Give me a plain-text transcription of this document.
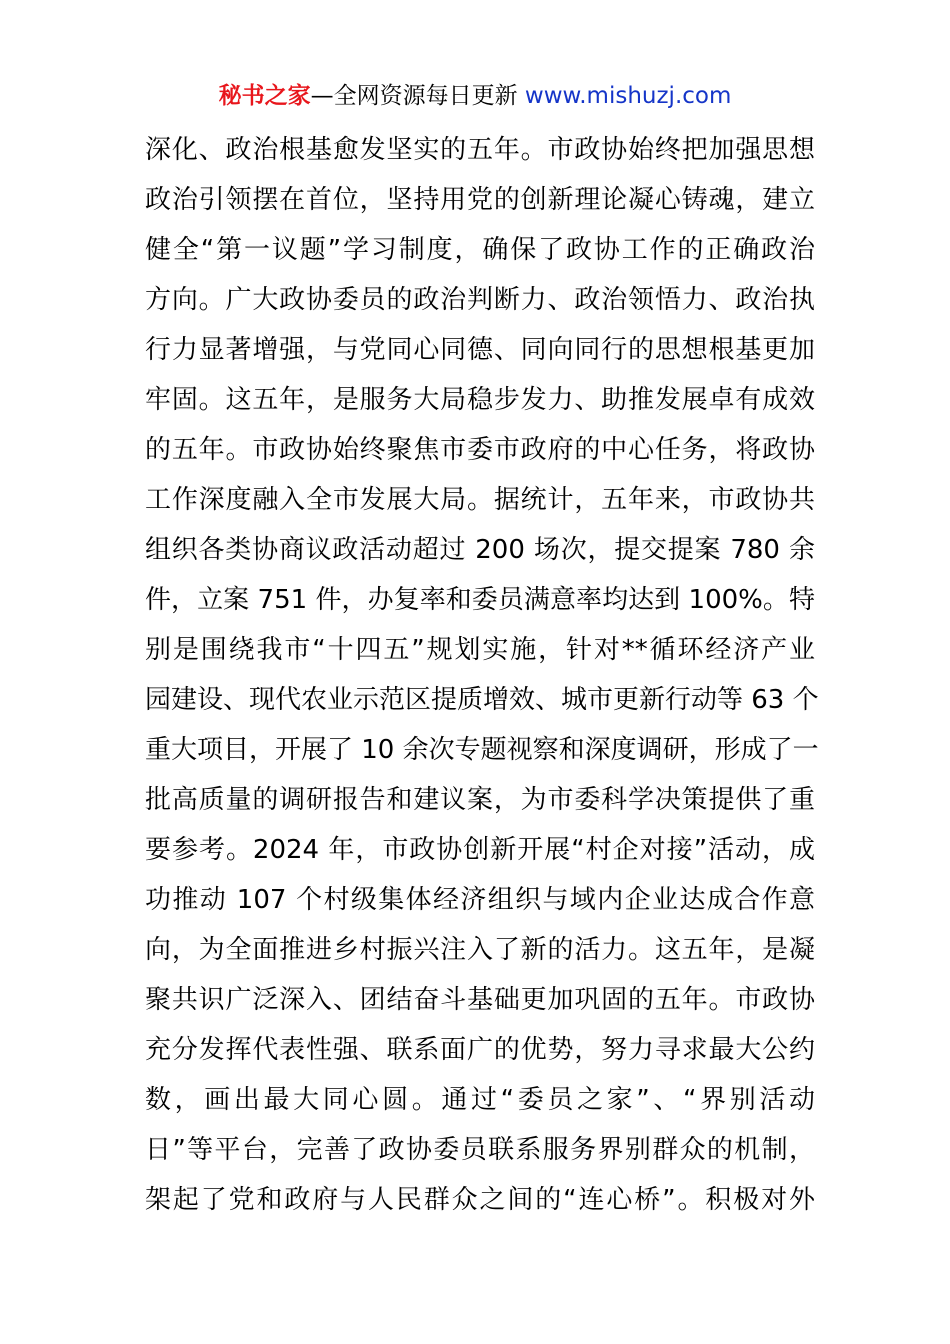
秘书之家—全网资源每日更新 www.mishuzj.com
深化、政治根基愈发坚实的五年。市政协始终把加强思想
政治引领摆在首位，坚持用党的创新理论凝心铸魂，建立
健全“第一议题”学习制度，确保了政协工作的正确政治
方向。广大政协委员的政治判断力、政治领悟力、政治执
行力显著增强，与党同心同德、同向同行的思想根基更加
牢固。这五年，是服务大局稳步发力、助推发展卓有成效
的五年。市政协始终聚焦市委市政府的中心任务，将政协
工作深度融入全市发展大局。据统计，五年来，市政协共
组织各类协商议政活动超过 200 场次，提交提案 780 余
件，立案 751 件，办复率和委员满意率均达到 100%。特
别是围绕我市“十四五”规划实施，针对**循环经济产业
园建设、现代农业示范区提质增效、城市更新行动等 63 个
重大项目，开展了 10 余次专题视察和深度调研，形成了一
批高质量的调研报告和建议案，为市委科学决策提供了重
要参考。2024 年，市政协创新开展“村企对接”活动，成
功推动 107 个村级集体经济组织与域内企业达成合作意
向，为全面推进乡村振兴注入了新的活力。这五年，是凝
聚共识广泛深入、团结奋斗基础更加巩固的五年。市政协
充分发挥代表性强、联系面广的优势，努力寻求最大公约
数，画出最大同心圆。通过“委员之家”、“界别活动
日”等平台，完善了政协委员联系服务界别群众的机制，
架起了党和政府与人民群众之间的“连心桥”。积极对外
